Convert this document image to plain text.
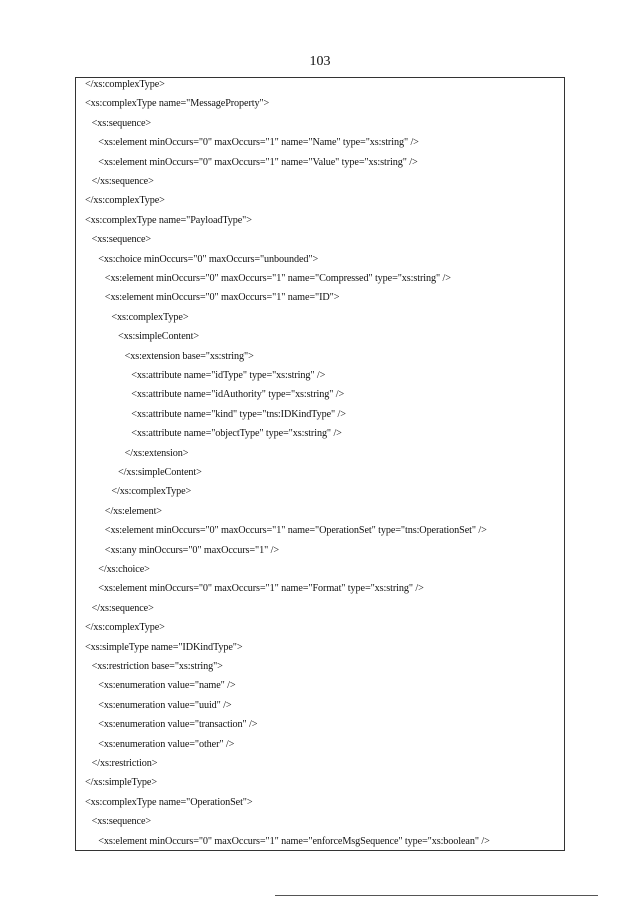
103
</xs:complexType>
<xs:complexType name="MessageProperty">
<xs:sequence>
<xs:element minOccurs="0" maxOccurs="1" name="Name" type="xs:string" />
<xs:element minOccurs="0" maxOccurs="1" name="Value" type="xs:string" />
</xs:sequence>
</xs:complexType>
<xs:complexType name="PayloadType">
<xs:sequence>
<xs:choice minOccurs="0" maxOccurs="unbounded">
<xs:element minOccurs="0" maxOccurs="1" name="Compressed" type="xs:string" />
<xs:element minOccurs="0" maxOccurs="1" name="ID">
<xs:complexType>
<xs:simpleContent>
<xs:extension base="xs:string">
<xs:attribute name="idType" type="xs:string" />
<xs:attribute name="idAuthority" type="xs:string" />
<xs:attribute name="kind" type="tns:IDKindType" />
<xs:attribute name="objectType" type="xs:string" />
</xs:extension>
</xs:simpleContent>
</xs:complexType>
</xs:element>
<xs:element minOccurs="0" maxOccurs="1" name="OperationSet" type="tns:OperationSet" />
<xs:any minOccurs="0" maxOccurs="1" />
</xs:choice>
<xs:element minOccurs="0" maxOccurs="1" name="Format" type="xs:string" />
</xs:sequence>
</xs:complexType>
<xs:simpleType name="IDKindType">
<xs:restriction base="xs:string">
<xs:enumeration value="name" />
<xs:enumeration value="uuid" />
<xs:enumeration value="transaction" />
<xs:enumeration value="other" />
</xs:restriction>
</xs:simpleType>
<xs:complexType name="OperationSet">
<xs:sequence>
<xs:element minOccurs="0" maxOccurs="1" name="enforceMsgSequence" type="xs:boolean" />
